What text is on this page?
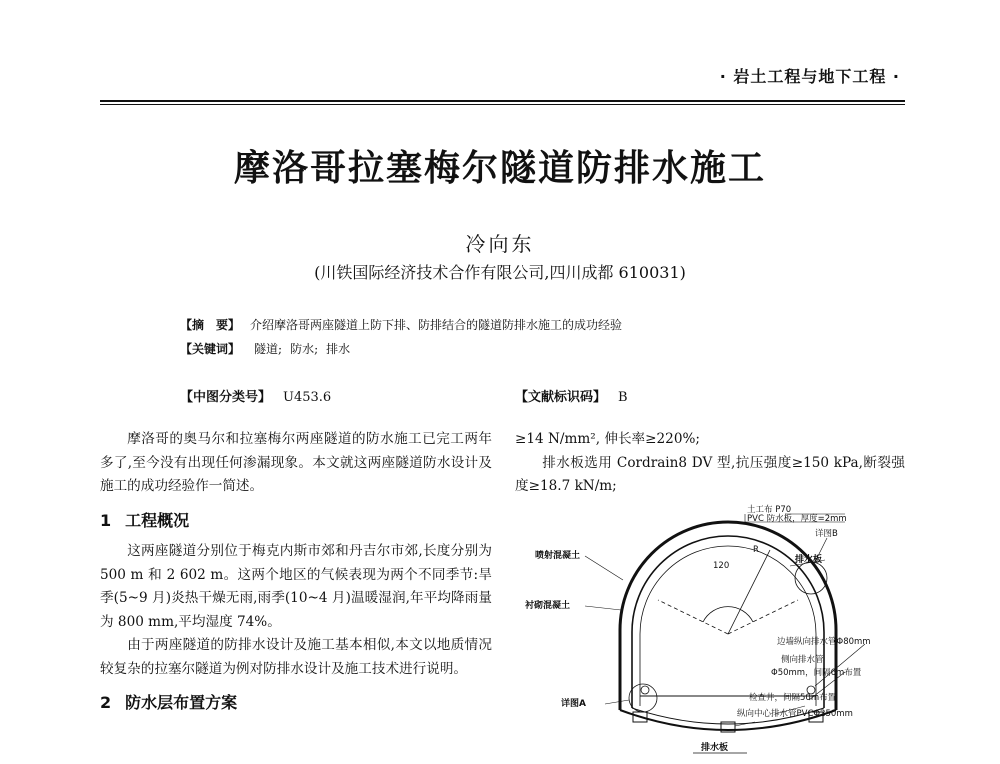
· 岩土工程与地下工程 ·
摩洛哥拉塞梅尔隧道防排水施工
冷向东
(川铁国际经济技术合作有限公司,四川成都 610031)
【摘　要】 介绍摩洛哥两座隧道上防下排、防排结合的隧道防排水施工的成功经验
【关键词】 隧道; 防水; 排水
【中图分类号】 U453.6	【文献标识码】 B

摩洛哥的奥马尔和拉塞梅尔两座隧道的防水施工已完工两年多了,至今没有出现任何渗漏现象。本文就这两座隧道防水设计及施工的成功经验作一简述。

1 工程概况

这两座隧道分别位于梅克内斯市郊和丹吉尔市郊,长度分别为 500 m 和 2 602 m。这两个地区的气候表现为两个不同季节:旱季(5~9 月)炎热干燥无雨,雨季(10~4 月)温暖湿润,年平均降雨量为 800 mm,平均湿度 74%。

由于两座隧道的防排水设计及施工基本相似,本文以地质情况较复杂的拉塞尔隧道为例对防排水设计及施工技术进行说明。

2 防水层布置方案

≥14 N/mm², 伸长率≥220%;

排水板选用 Cordrain8 DV 型,抗压强度≥150 kPa,断裂强度≥18.7 kN/m;

土工布 P70
PVC 防水板，厚度=2mm
详图B
喷射混凝土	排水板
120
R
衬砌混凝土
边墙纵向排水管Φ80mm
侧向排水管
Φ50mm，间隔6m布置
详图A
检查井，间隔50m布置
纵向中心排水管PVCΦ250mm
排水板
